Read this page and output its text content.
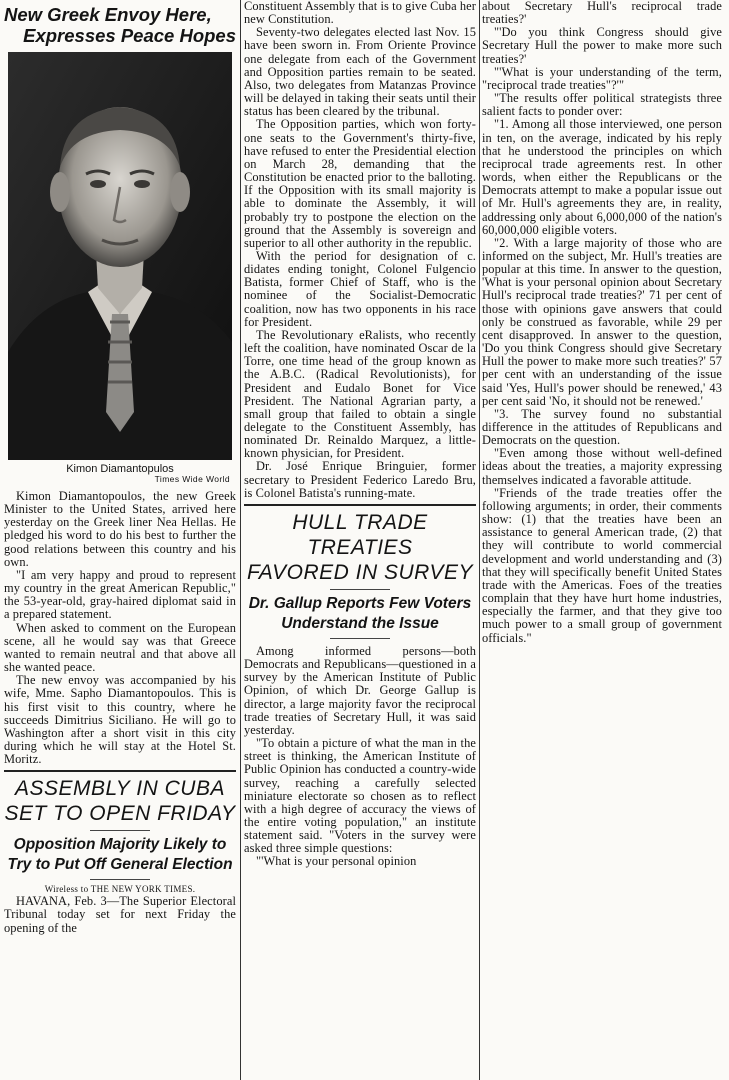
New Greek Envoy Here,
Expresses Peace Hopes
Kimon Diamantopulos
Times Wide World

Kimon Diamantopoulos, the new Greek Minister to the United States, arrived here yesterday on the Greek liner Nea Hellas. He pledged his word to do his best to further the good relations between this country and his own.

"I am very happy and proud to represent my country in the great American Republic," the 53-year-old, gray-haired diplomat said in a prepared statement.

When asked to comment on the European scene, all he would say was that Greece wanted to remain neutral and that above all she wanted peace.

The new envoy was accompanied by his wife, Mme. Sapho Diamantopoulos. This is his first visit to this country, where he succeeds Dimitrius Siciliano. He will go to Washington after a short visit in this city during which he will stay at the Hotel St. Moritz.

ASSEMBLY IN CUBA
SET TO OPEN FRIDAY
Opposition Majority Likely to
Try to Put Off General Election
Wireless to THE NEW YORK TIMES.

HAVANA, Feb. 3—The Superior Electoral Tribunal today set for next Friday the opening of the

Constituent Assembly that is to give Cuba her new Constitution.

Seventy-two delegates elected last Nov. 15 have been sworn in. From Oriente Province one delegate from each of the Government and Opposition parties remain to be seated. Also, two delegates from Matanzas Province will be delayed in taking their seats until their status has been cleared by the tribunal.

The Opposition parties, which won forty-one seats to the Government's thirty-five, have refused to enter the Presidential election on March 28, demanding that the Constitution be enacted prior to the balloting. If the Opposition with its small majority is able to dominate the Assembly, it will probably try to postpone the election on the ground that the Assembly is sovereign and superior to all other authority in the republic.

With the period for designation of c. didates ending tonight, Colonel Fulgencio Batista, former Chief of Staff, who is the nominee of the Socialist-Democratic coalition, now has two opponents in his race for President.

The Revolutionary eRalists, who recently left the coalition, have nominated Oscar de la Torre, one time head of the group known as the A.B.C. (Radical Revolutionists), for President and Eudalo Bonet for Vice President. The National Agrarian party, a small group that failed to obtain a single delegate to the Constituent Assembly, has nominated Dr. Reinaldo Marquez, a little-known physician, for President.

Dr. José Enrique Bringuier, former secretary to President Federico Laredo Bru, is Colonel Batista's running-mate.

HULL TRADE TREATIES
FAVORED IN SURVEY
Dr. Gallup Reports Few Voters
Understand the Issue

Among informed persons—both Democrats and Republicans—questioned in a survey by the American Institute of Public Opinion, of which Dr. George Gallup is director, a large majority favor the reciprocal trade treaties of Secretary Hull, it was said yesterday.

"To obtain a picture of what the man in the street is thinking, the American Institute of Public Opinion has conducted a country-wide survey, reaching a carefully selected miniature electorate so chosen as to reflect with a high degree of accuracy the views of the entire voting population," an institute statement said. "Voters in the survey were asked three simple questions:

"'What is your personal opinion

about Secretary Hull's reciprocal trade treaties?'

"'Do you think Congress should give Secretary Hull the power to make more such treaties?'

"'What is your understanding of the term, "reciprocal trade treaties"?'"

"The results offer political strategists three salient facts to ponder over:

"1. Among all those interviewed, one person in ten, on the average, indicated by his reply that he understood the principles on which reciprocal trade agreements rest. In other words, when either the Republicans or the Democrats attempt to make a popular issue out of Mr. Hull's agreements they are, in reality, addressing only about 6,000,000 of the nation's 60,000,000 eligible voters.

"2. With a large majority of those who are informed on the subject, Mr. Hull's treaties are popular at this time. In answer to the question, 'What is your personal opinion about Secretary Hull's reciprocal trade treaties?' 71 per cent of those with opinions gave answers that could only be construed as favorable, while 29 per cent disapproved. In answer to the question, 'Do you think Congress should give Secretary Hull the power to make more such treaties?' 57 per cent with an understanding of the issue said 'Yes, Hull's power should be renewed,' 43 per cent said 'No, it should not be renewed.'

"3. The survey found no substantial difference in the attitudes of Republicans and Democrats on the question.

"Even among those without well-defined ideas about the treaties, a majority expressing themselves indicated a favorable attitude.

"Friends of the trade treaties offer the following arguments; in order, their comments show: (1) that the treaties have been an assistance to general American trade, (2) that they will contribute to world commercial development and world understanding and (3) that they will specifically benefit United States trade with the Americas. Foes of the treaties complain that they have hurt home industries, especially the farmer, and that they give too much power to a small group of government officials."
